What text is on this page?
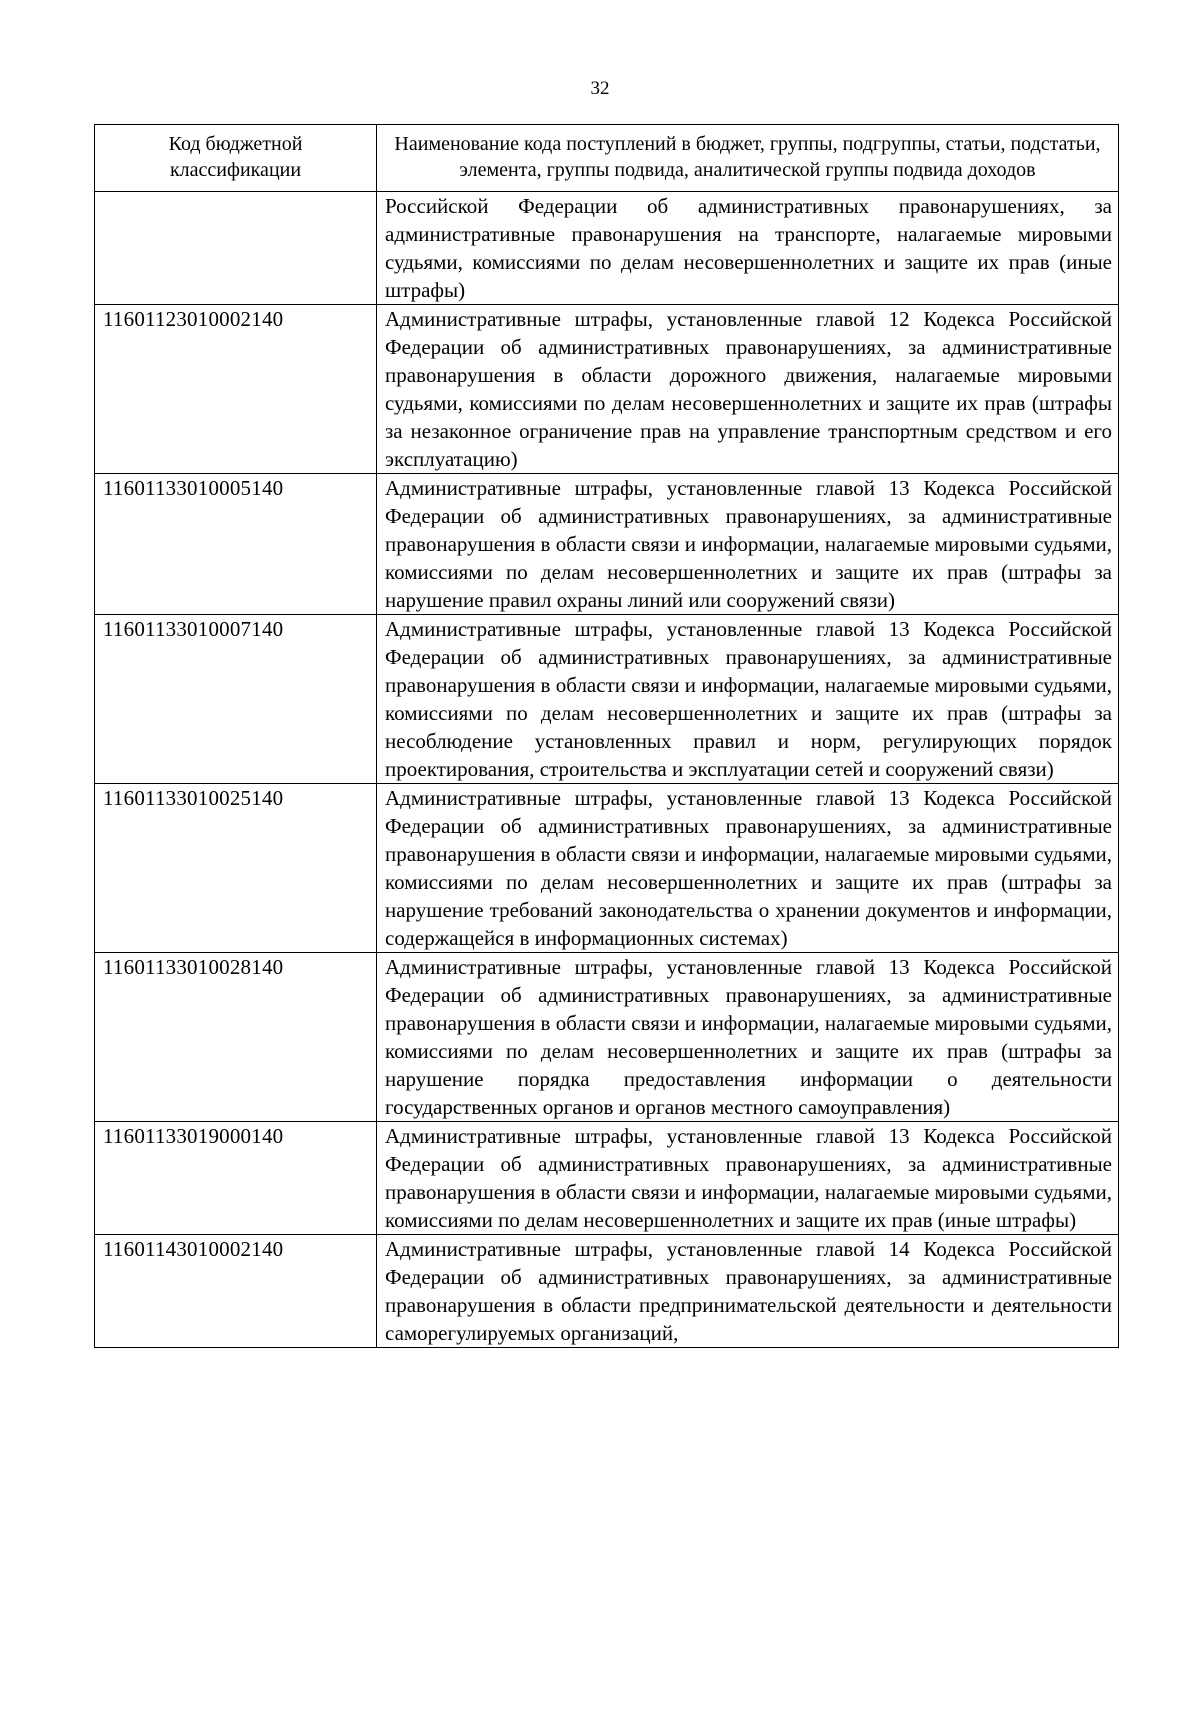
32
Код бюджетной классификации	Наименование кода поступлений в бюджет, группы, подгруппы, статьи, подстатьи, элемента, группы подвида, аналитической группы подвида доходов
	Российской Федерации об административных правонарушениях, за административные правонарушения на транспорте, налагаемые мировыми судьями, комиссиями по делам несовершеннолетних и защите их прав (иные штрафы)
11601123010002140	Административные штрафы, установленные главой 12 Кодекса Российской Федерации об административных правонарушениях, за административные правонарушения в области дорожного движения, налагаемые мировыми судьями, комиссиями по делам несовершеннолетних и защите их прав (штрафы за незаконное ограничение прав на управление транспортным средством и его эксплуатацию)
11601133010005140	Административные штрафы, установленные главой 13 Кодекса Российской Федерации об административных правонарушениях, за административные правонарушения в области связи и информации, налагаемые мировыми судьями, комиссиями по делам несовершеннолетних и защите их прав (штрафы за нарушение правил охраны линий или сооружений связи)
11601133010007140	Административные штрафы, установленные главой 13 Кодекса Российской Федерации об административных правонарушениях, за административные правонарушения в области связи и информации, налагаемые мировыми судьями, комиссиями по делам несовершеннолетних и защите их прав (штрафы за несоблюдение установленных правил и норм, регулирующих порядок проектирования, строительства и эксплуатации сетей и сооружений связи)
11601133010025140	Административные штрафы, установленные главой 13 Кодекса Российской Федерации об административных правонарушениях, за административные правонарушения в области связи и информации, налагаемые мировыми судьями, комиссиями по делам несовершеннолетних и защите их прав (штрафы за нарушение требований законодательства о хранении документов и информации, содержащейся в информационных системах)
11601133010028140	Административные штрафы, установленные главой 13 Кодекса Российской Федерации об административных правонарушениях, за административные правонарушения в области связи и информации, налагаемые мировыми судьями, комиссиями по делам несовершеннолетних и защите их прав (штрафы за нарушение порядка предоставления информации о деятельности государственных органов и органов местного самоуправления)
11601133019000140	Административные штрафы, установленные главой 13 Кодекса Российской Федерации об административных правонарушениях, за административные правонарушения в области связи и информации, налагаемые мировыми судьями, комиссиями по делам несовершеннолетних и защите их прав (иные штрафы)
11601143010002140	Административные штрафы, установленные главой 14 Кодекса Российской Федерации об административных правонарушениях, за административные правонарушения в области предпринимательской деятельности и деятельности саморегулируемых организаций,
